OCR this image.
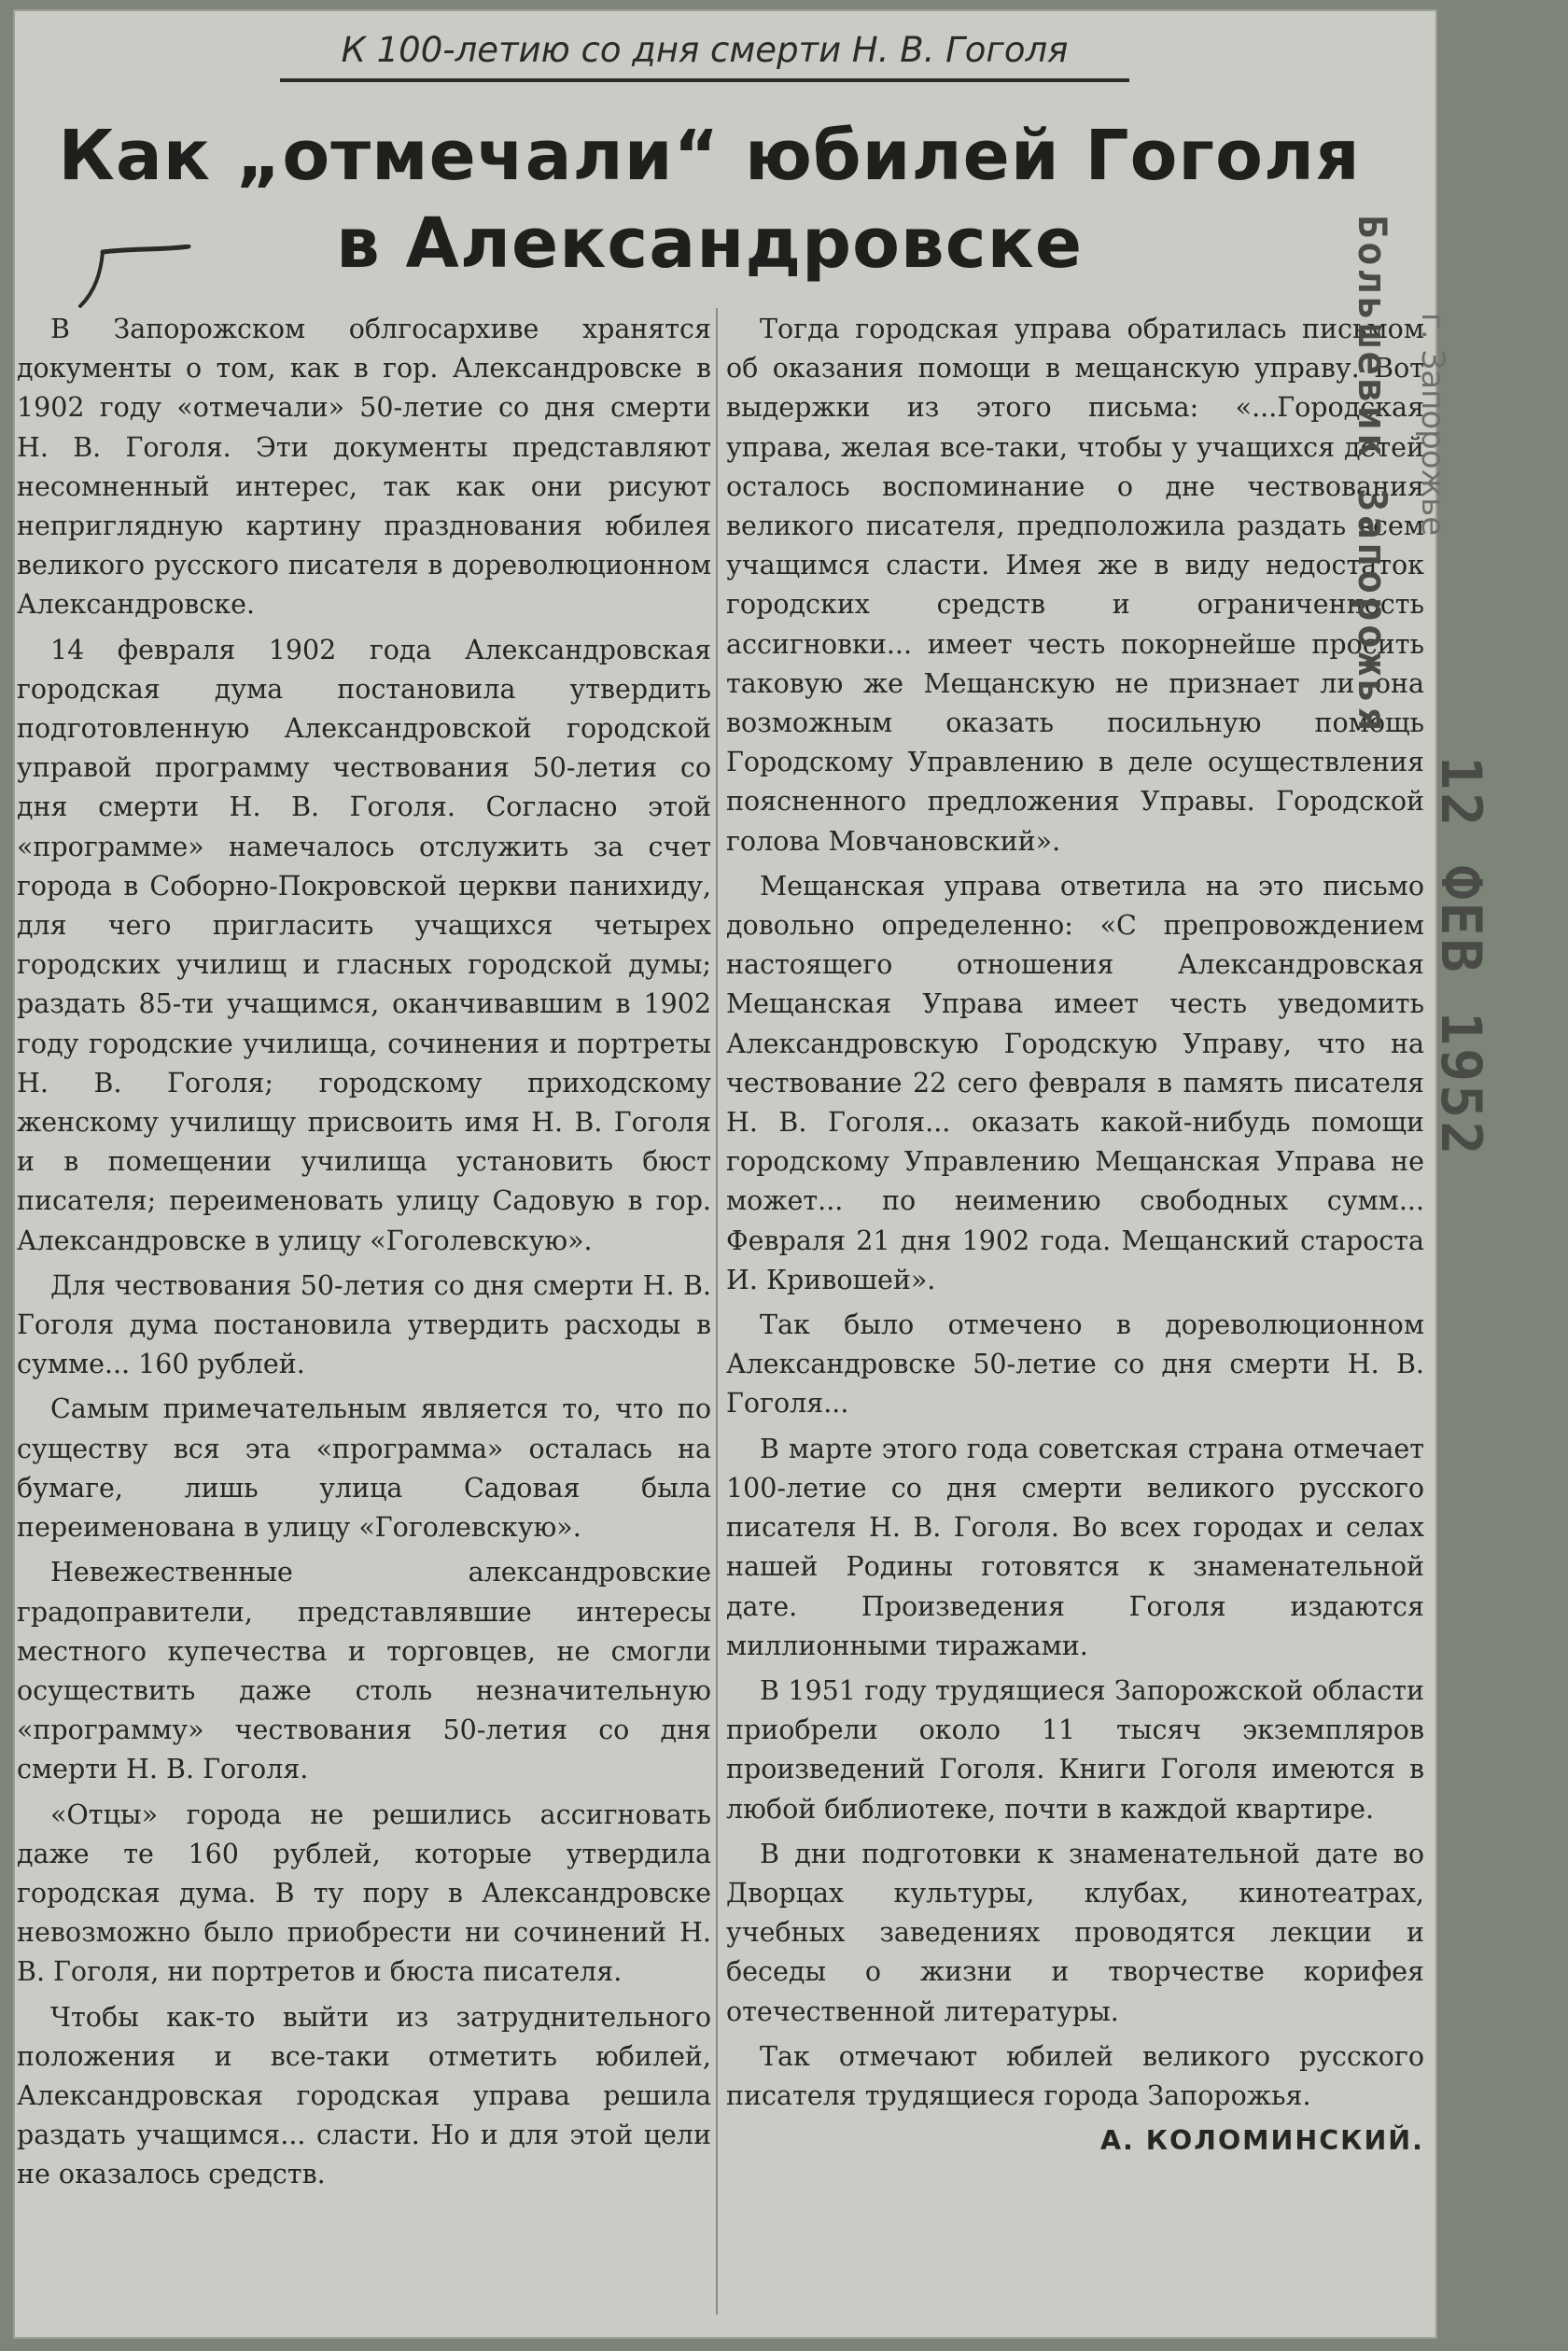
К 100-летию со дня смерти Н. В. Гоголя
Как „отмечали“ юбилей Гоголя
в Александровске

В Запорожском облгосархиве хранятся документы о том, как в гор. Александровске в 1902 году «отмечали» 50-летие со дня смерти Н. В. Гоголя. Эти документы представляют несомненный интерес, так как они рисуют неприглядную картину празднования юбилея великого русского писателя в дореволюционном Александровске.

14 февраля 1902 года Александровская городская дума постановила утвердить подготовленную Александровской городской управой программу чествования 50-летия со дня смерти Н. В. Гоголя. Согласно этой «программе» намечалось отслужить за счет города в Соборно-Покровской церкви панихиду, для чего пригласить учащихся четырех городских училищ и гласных городской думы; раздать 85-ти учащимся, оканчивавшим в 1902 году городские училища, сочинения и портреты Н. В. Гоголя; городскому приходскому женскому училищу присвоить имя Н. В. Гоголя и в помещении училища установить бюст писателя; переименовать улицу Садовую в гор. Александровске в улицу «Гоголевскую».

Для чествования 50-летия со дня смерти Н. В. Гоголя дума постановила утвердить расходы в сумме... 160 рублей.

Самым примечательным является то, что по существу вся эта «программа» осталась на бумаге, лишь улица Садовая была переименована в улицу «Гоголевскую».

Невежественные александровские градоправители, представлявшие интересы местного купечества и торговцев, не смогли осуществить даже столь незначительную «программу» чествования 50-летия со дня смерти Н. В. Гоголя.

«Отцы» города не решились ассигновать даже те 160 рублей, которые утвердила городская дума. В ту пору в Александровске невозможно было приобрести ни сочинений Н. В. Гоголя, ни портретов и бюста писателя.

Чтобы как-то выйти из затруднительного положения и все-таки отметить юбилей, Александровская городская управа решила раздать учащимся... сласти. Но и для этой цели не оказалось средств.

Тогда городская управа обратилась письмом об оказания помощи в мещанскую управу. Вот выдержки из этого письма: «...Городская управа, желая все-таки, чтобы у учащихся детей осталось воспоминание о дне чествования великого писателя, предположила раздать всем учащимся сласти. Имея же в виду недостаток городских средств и ограниченность ассигновки... имеет честь покорнейше просить таковую же Мещанскую не признает ли она возможным оказать посильную помощь Городскому Управлению в деле осуществления поясненного предложения Управы. Городской голова Мовчановский».

Мещанская управа ответила на это письмо довольно определенно: «С препровождением настоящего отношения Александровская Мещанская Управа имеет честь уведомить Александровскую Городскую Управу, что на чествование 22 сего февраля в память писателя Н. В. Гоголя... оказать какой-нибудь помощи городскому Управлению Мещанская Управа не может... по неимению свободных сумм... Февраля 21 дня 1902 года. Мещанский староста И. Кривошей».

Так было отмечено в дореволюционном Александровске 50-летие со дня смерти Н. В. Гоголя...

В марте этого года советская страна отмечает 100-летие со дня смерти великого русского писателя Н. В. Гоголя. Во всех городах и селах нашей Родины готовятся к знаменательной дате. Произведения Гоголя издаются миллионными тиражами.

В 1951 году трудящиеся Запорожской области приобрели около 11 тысяч экземпляров произведений Гоголя. Книги Гоголя имеются в любой библиотеке, почти в каждой квартире.

В дни подготовки к знаменательной дате во Дворцах культуры, клубах, кинотеатрах, учебных заведениях проводятся лекции и беседы о жизни и творчестве корифея отечественной литературы.

Так отмечают юбилей великого русского писателя трудящиеся города Запорожья.

А. КОЛОМИНСКИЙ.

Большевик Запорожья г. Запорожье
12 ФЕВ 1952
